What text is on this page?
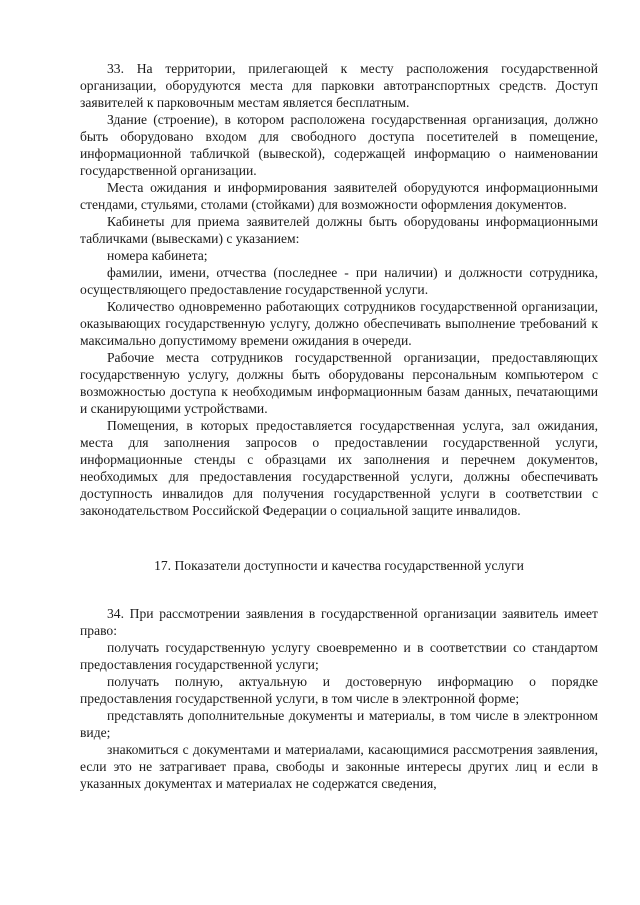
33. На территории, прилегающей к месту расположения государственной организации, оборудуются места для парковки автотранспортных средств. Доступ заявителей к парковочным местам является бесплатным.

Здание (строение), в котором расположена государственная организация, должно быть оборудовано входом для свободного доступа посетителей в помещение, информационной табличкой (вывеской), содержащей информацию о наименовании государственной организации.

Места ожидания и информирования заявителей оборудуются информационными стендами, стульями, столами (стойками) для возможности оформления документов.

Кабинеты для приема заявителей должны быть оборудованы информационными табличками (вывесками) с указанием:

номера кабинета;

фамилии, имени, отчества (последнее - при наличии) и должности сотрудника, осуществляющего предоставление государственной услуги.

Количество одновременно работающих сотрудников государственной организации, оказывающих государственную услугу, должно обеспечивать выполнение требований к максимально допустимому времени ожидания в очереди.

Рабочие места сотрудников государственной организации, предоставляющих государственную услугу, должны быть оборудованы персональным компьютером с возможностью доступа к необходимым информационным базам данных, печатающими и сканирующими устройствами.

Помещения, в которых предоставляется государственная услуга, зал ожидания, места для заполнения запросов о предоставлении государственной услуги, информационные стенды с образцами их заполнения и перечнем документов, необходимых для предоставления государственной услуги, должны обеспечивать доступность инвалидов для получения государственной услуги в соответствии с законодательством Российской Федерации о социальной защите инвалидов.

17. Показатели доступности и качества государственной услуги

34. При рассмотрении заявления в государственной организации заявитель имеет право:

получать государственную услугу своевременно и в соответствии со стандартом предоставления государственной услуги;

получать полную, актуальную и достоверную информацию о порядке предоставления государственной услуги, в том числе в электронной форме;

представлять дополнительные документы и материалы, в том числе в электронном виде;

знакомиться с документами и материалами, касающимися рассмотрения заявления, если это не затрагивает права, свободы и законные интересы других лиц и если в указанных документах и материалах не содержатся сведения,
